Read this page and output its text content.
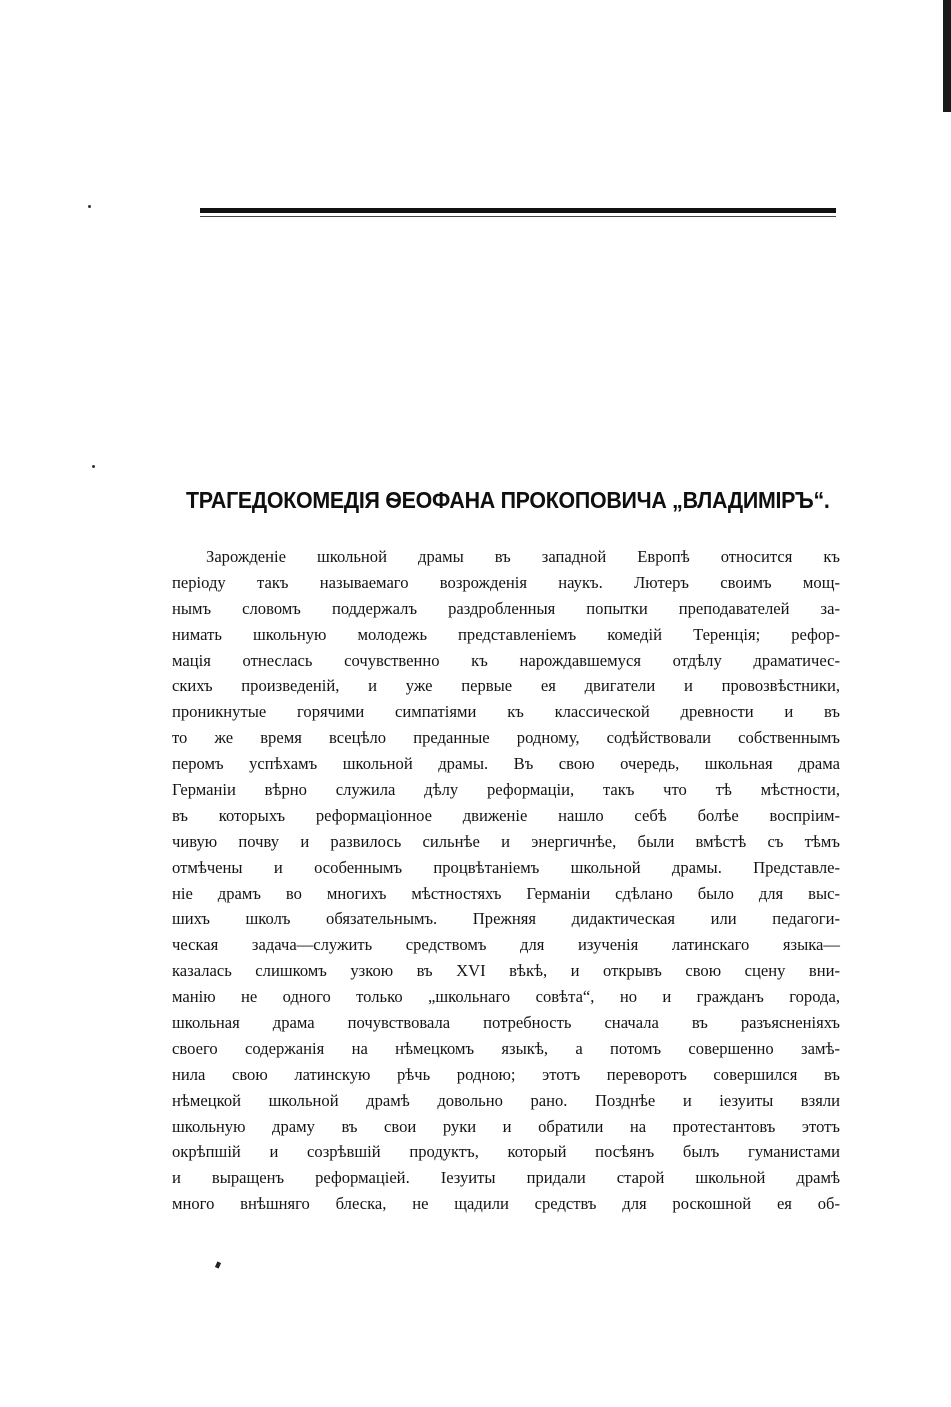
ТРАГЕДОКОМЕДІЯ ѲЕОФАНА ПРОКОПОВИЧА „ВЛАДИМІРЪ“.
Зарожденіе школьной драмы въ западной Европѣ относится къ
періоду такъ называемаго возрожденія наукъ. Лютеръ своимъ мощ-
нымъ словомъ поддержалъ раздробленныя попытки преподавателей за-
нимать школьную молодежь представленіемъ комедій Теренція; рефор-
мація отнеслась сочувственно къ нарождавшемуся отдѣлу драматичес-
скихъ произведеній, и уже первые ея двигатели и провозвѣстники,
проникнутые горячими симпатіями къ классической древности и въ
то же время всецѣло преданные родному, содѣйствовали собственнымъ
перомъ успѣхамъ школьной драмы. Въ свою очередь, школьная драма
Германіи вѣрно служила дѣлу реформаціи, такъ что тѣ мѣстности,
въ которыхъ реформаціонное движеніе нашло себѣ болѣе воспріим-
чивую почву и развилось сильнѣе и энергичнѣе, были вмѣстѣ съ тѣмъ
отмѣчены и особеннымъ процвѣтаніемъ школьной драмы. Представле-
ніе драмъ во многихъ мѣстностяхъ Германіи сдѣлано было для выс-
шихъ школъ обязательнымъ. Прежняя дидактическая или педагоги-
ческая задача—служить средствомъ для изученія латинскаго языка—
казалась слишкомъ узкою въ XVI вѣкѣ, и открывъ свою сцену вни-
манію не одного только „школьнаго совѣта“, но и гражданъ города,
школьная драма почувствовала потребность сначала въ разъясненіяхъ
своего содержанія на нѣмецкомъ языкѣ, а потомъ совершенно замѣ-
нила свою латинскую рѣчь родною; этотъ переворотъ совершился въ
нѣмецкой школьной драмѣ довольно рано. Позднѣе и іезуиты взяли
школьную драму въ свои руки и обратили на протестантовъ этотъ
окрѣпшій и созрѣвшій продуктъ, который посѣянъ былъ гуманистами
и выращенъ реформаціей. Іезуиты придали старой школьной драмѣ
много внѣшняго блеска, не щадили средствъ для роскошной ея об-
